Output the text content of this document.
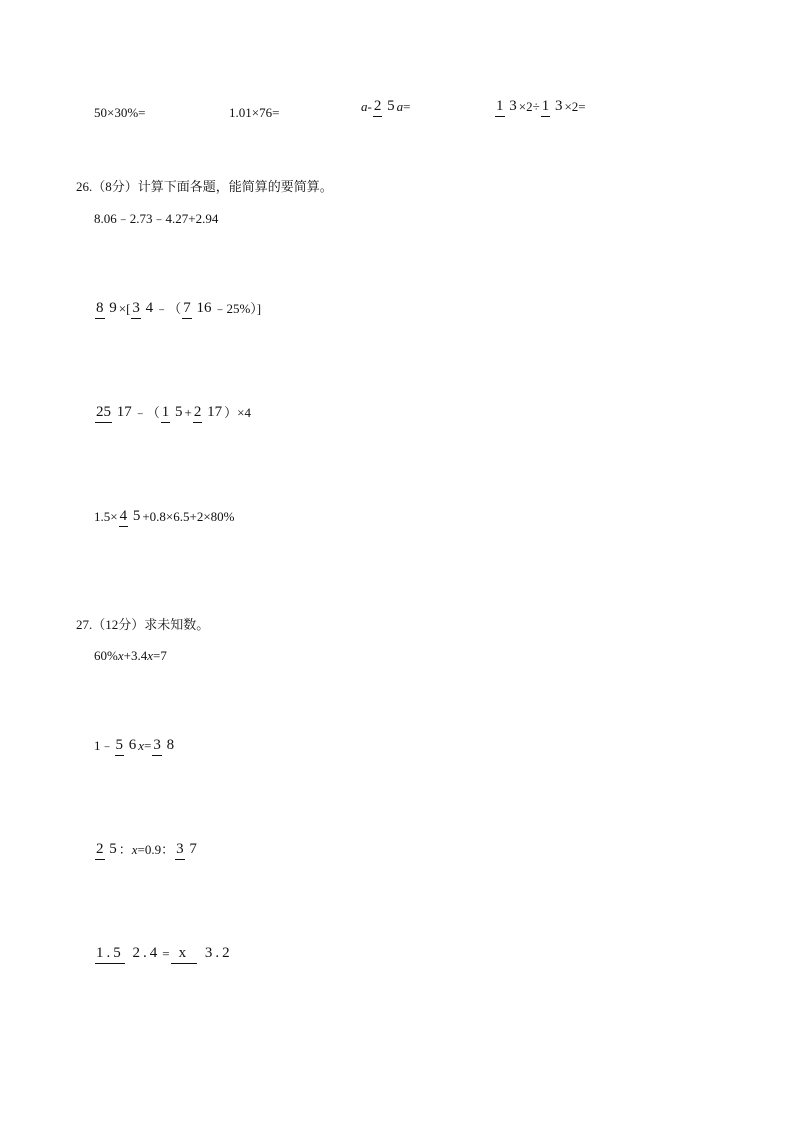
50×30%=	1.01×76=	a - 2 5 a =	1 3 ×2÷ 1 3 ×2=
26.（8分）计算下面各题，能简算的要简算。
8.06﹣2.73﹣4.27+2.94
8 9 ×[ 3 4 ﹣（ 7 16 ﹣25%）]
25 17 ﹣（ 1 5 + 2 17 ）×4
1.5× 4 5 +0.8×6.5+2×80%
27.（12分）求未知数。
60% x +3.4 x =7
1﹣ 5 6 x = 3 8
2 5 ： x =0.9： 3 7
1.5 2.4 = x 3.2
